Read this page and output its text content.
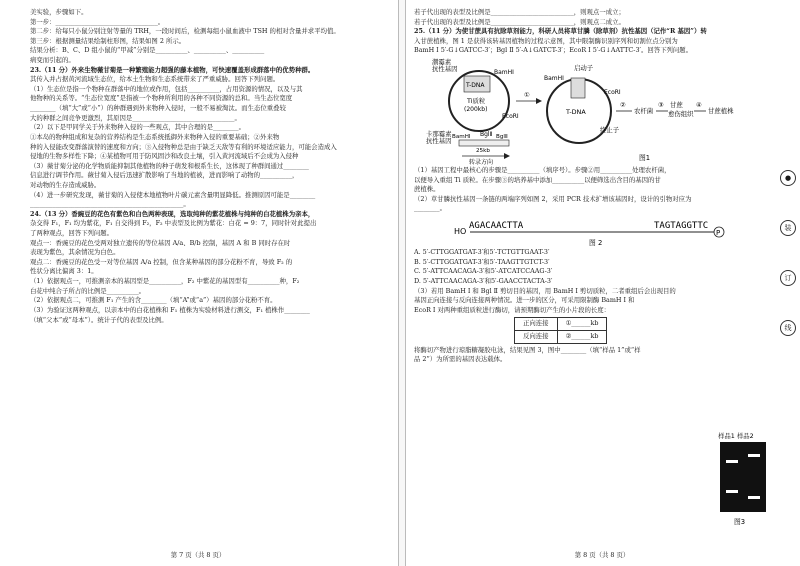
美实验，步骤如下。
第一步：________________________________。
第二步：给每只小鼠分别注射等量的 TRH，一段时间后，检测每组小鼠血液中 TSH 的相对含量并求平均值。
第三步：根据测量结果绘制柱形图，结果如图 2 所示。
结果分析：B、C、D 组小鼠的“甲减”分别是__________、__________、__________
病变而引起的。
23.（11 分）外来生物薇甘菊是一种繁殖能力超强的藤本植物，可快速覆盖形成群落中的优势种群。
其传入并占据黄河流域生态位，给本土生物和生态系统带来了严重威胁。回答下列问题。
（1）生态位是指一个物种在群落中的地位或作用，包括__________，占用资源的情况，以及与其
他物种的关系等。“生态位宽度”是指被一个物种所利用的各种不同资源的总和。当生态位宽度
________（填“大”或“小”）的种群遇到外来物种入侵时，一般不易被淘汰。而生态位重叠较
大的种群之间竞争更激烈，其原因是________________________________。
（2）以下是甲同学关于外来物种入侵的一些观点，其中合理的是________。
①本岛的物种组成和复杂的营养结构是生态系统抵御外来物种入侵的重要基础；②外来物
种的入侵能改变群落演替的速度和方向；③入侵物种总是由于缺乏天敌等有利的环境适应能力，可能会造成入
侵地的生物多样性下降；④某植物可用于防风固沙和改良土壤，引入黄河流域后不会成为入侵种
（3）薇甘菊分泌的化学物质能抑制其他植物的种子萌发和根系生长，这体现了种群间通过________
信息进行调节作用。薇甘菊入侵后迅速扩散影响了当地的植被，进而影响了动物的__________，
对动物的生存造成威胁。
（4）进一步研究发现，薇甘菊的入侵使本地植物叶片碳元素含量明显降低。推测原因可能是________
________________________________________________。
24.（13 分）香豌豆的花色有紫色和白色两种表现，选取纯种的紫花植株与纯种的白花植株为亲本，
杂交得 F₁，F₁ 均为紫花，F₁ 自交得到 F₂，F₂ 中表型及比例为紫花：白花 = 9：7，同时针对此提出
了两种观点，回答下列问题。
观点一：香豌豆的花色受两对独立遗传的等位基因 A/a、B/b 控制，基因 A 和 B 同时存在时
表现为紫色，其余情况为白色。
观点二：香豌豆的花色受一对等位基因 A/a 控制，但含某种基因的部分花粉不育，导致 F₂ 的
性状分离比偏离 3：1。
（1）依据观点一，可推测亲本的基因型是__________，F₂ 中紫花的基因型有__________种，F₂
白花中纯合子所占的比例是__________。
（2）依据观点二，可推测 F₁ 产生的含________（填“A”或“a”）基因的部分花粉不育。
（3）为验证这两种观点，以亲本中的白花植株和 F₁ 植株为实验材料进行测交，F₁ 植株作________
（填“父本”或“母本”）。统计子代的表型及比例。
第 7 页（共 8 页）
若子代出现的表型及比例是__________________________，则观点一成立；
若子代出现的表型及比例是__________________________，则观点二成立。
25.（11 分）为使甘蔗具有抗除草剂能力，科研人员将草甘膦（除草剂）抗性基因（记作“R 基因”）转
入甘蔗植株，图 1 是获得该转基因植物的过程示意图，其中限制酶识别序列和切割位点分别为
BamH Ⅰ 5′-G↓GATCC-3′；Bgl Ⅱ 5′-A↓GATCT-3′；EcoR Ⅰ 5′-G↓AATTC-3′。回答下列问题。
潮霉素
抗性基因	BamHⅠ
T-DNA
Ti质粒
(200kb)
卡那霉素
抗性基因
BglⅡ
EcoRⅠ
25kb
BamHⅠ	BglⅡ
转录方向
①
启动子
BamHⅠ
T-DNA
EcoRⅠ
终止子
②
农杆菌
③ 甘蔗
愈伤组织
④
甘蔗植株
图1
（1）基因工程中最核心的步骤是__________（填序号）。步骤②用__________处理农杆菌，
以便导入重组 Ti 质粒。在步骤③的培养基中添加__________以便筛选出含目的基因的甘
蔗植株。
（2）草甘膦抗性基因一条链的两端序列如图 2，采用 PCR 技术扩增该基因时，设计的引物对应为
________。
HO
AGACAACTTA	TAGTAGGTTC
P
图 2
A. 5′-CTTGGATGAT-3′和5′-TCTGTTGAAT-3′
B. 5′-CTTGGATGAT-3′和5′-TAAGTTGTCT-3′
C. 5′-ATTCAACAGA-3′和5′-ATCATCCAAG-3′
D. 5′-ATTCAACAGA-3′和5′-GAACCTACTA-3′
（3）若用 BamH Ⅰ 和 Bgl Ⅱ 剪切目的基因，用 BamH Ⅰ 剪切质粒，二者重组后会出现目的
基因正向连接与反向连接两种情况。进一步的区分，可采用限制酶 BamH Ⅰ 和
EcoR Ⅰ 对两种重组质粒进行酶切，请预期酶切产生的小片段的长度：
正向连接	①______kb
反向连接	②______kb
将酶切产物进行琼脂糖凝胶电泳，结果见图 3，图中________（填“样品 1”或“样
品 2”）为所需的基因表达载体。
样品1 样品2
图3
第 8 页（共 8 页）
●
装
订
线
